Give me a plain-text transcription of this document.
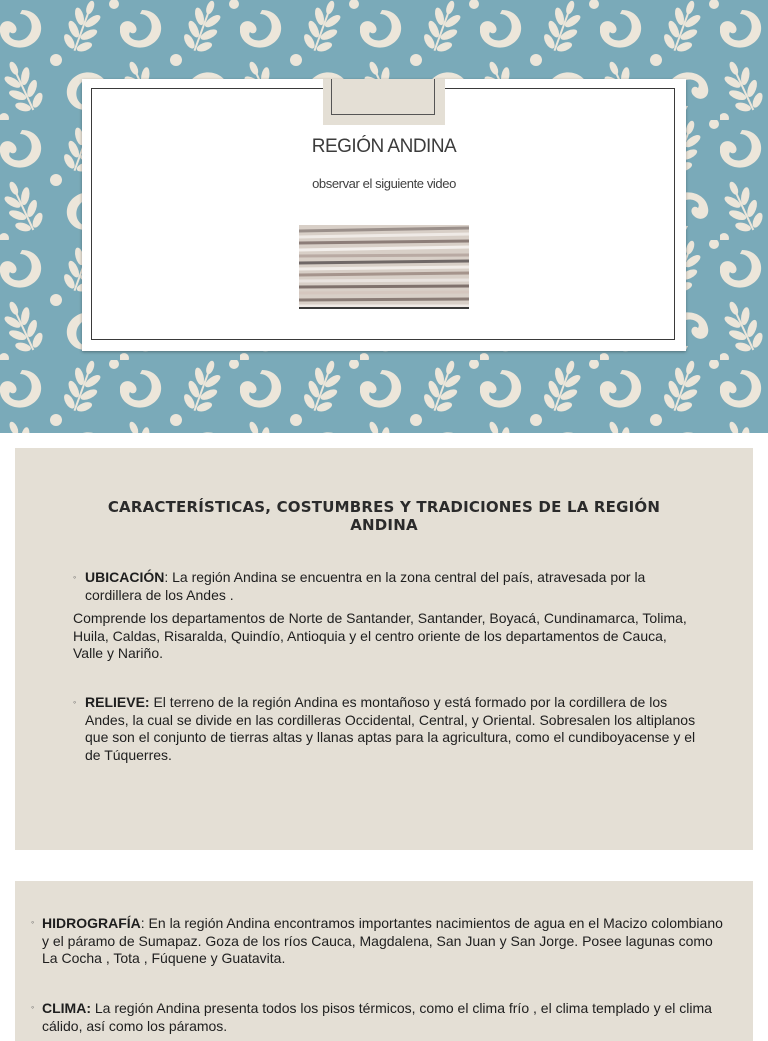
REGIÓN ANDINA
observar el siguiente video
CARACTERÍSTICAS, COSTUMBRES Y TRADICIONES DE LA REGIÓN ANDINA
◦ UBICACIÓN: La región Andina se encuentra en la zona central del país, atravesada por la cordillera de los Andes .
Comprende los departamentos de Norte de Santander, Santander, Boyacá, Cundinamarca, Tolima, Huila, Caldas, Risaralda, Quindío, Antioquia y el centro oriente de los departamentos de Cauca, Valle y Nariño.
◦ RELIEVE: El terreno de la región Andina es montañoso y está formado por la cordillera de los Andes, la cual se divide en las cordilleras Occidental, Central, y Oriental. Sobresalen los altiplanos que son el conjunto de tierras altas y llanas aptas para la agricultura, como el cundiboyacense y el de Túquerres.
◦ HIDROGRAFÍA: En la región Andina encontramos importantes nacimientos de agua en el Macizo colombiano y el páramo de Sumapaz. Goza de los ríos Cauca, Magdalena, San Juan y San Jorge. Posee lagunas como La Cocha , Tota , Fúquene y Guatavita.
◦ CLIMA: La región Andina presenta todos los pisos térmicos, como el clima frío , el clima templado y el clima cálido, así como los páramos.
